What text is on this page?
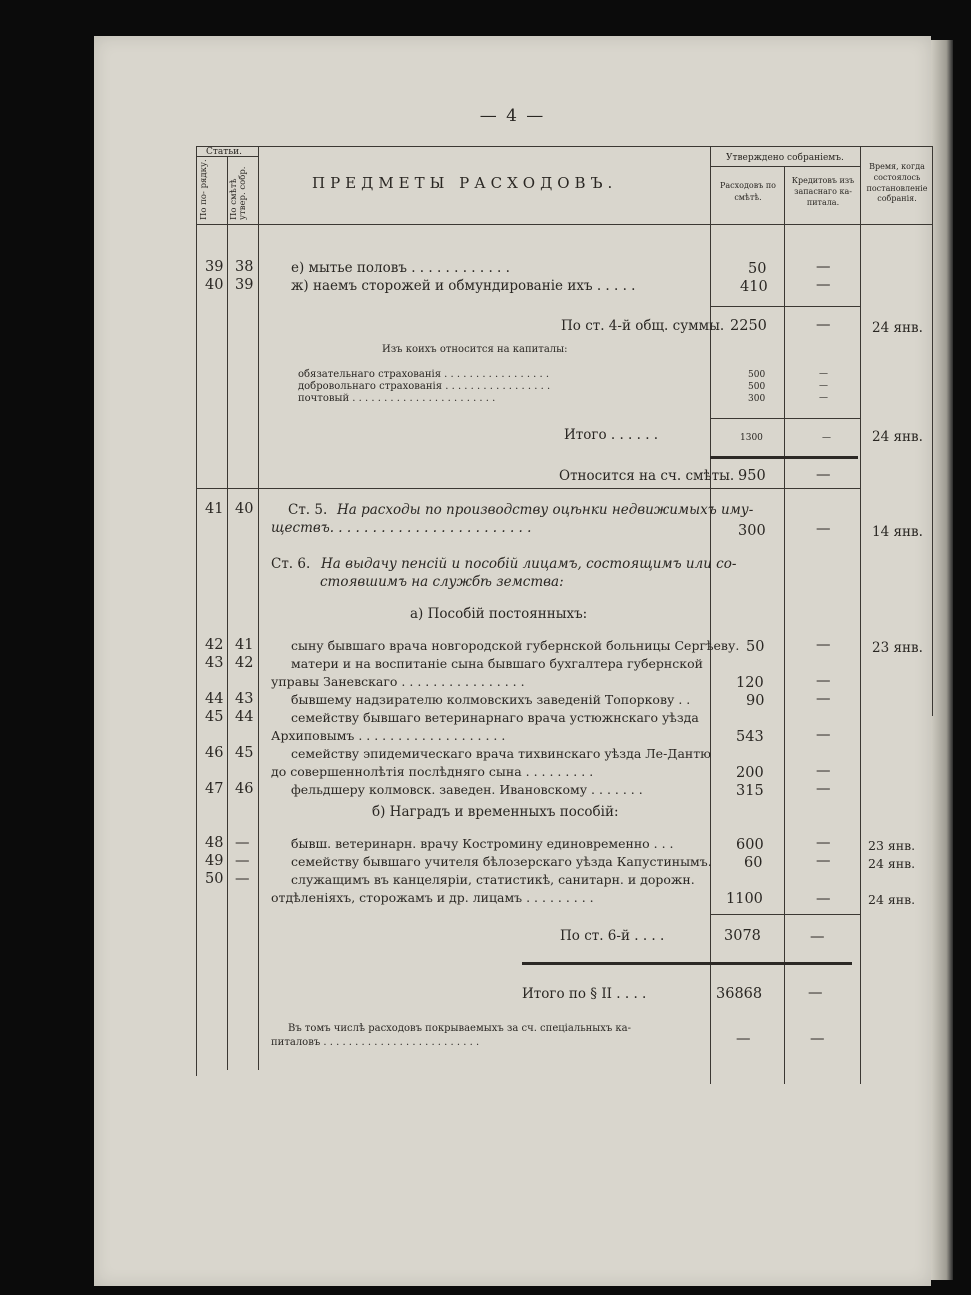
— 4 —
Статьи.
По по- рядку. По смѣтѣ утвер. собр.	ПРЕДМЕТЫ РАСХОДОВЪ.
Утверждено собраніемъ.
Расходовъ по смѣтѣ.
Кредитовъ изъ запаснаго ка- питала.
Время, когда состоялось постановленіе собранія.
39 38	е) мытье половъ . . . . . . . . . . . .	50	—
40 39	ж) наемъ сторожей и обмундированіе ихъ . . . . .	410	—
По ст. 4-й общ. суммы. 2250	—	24 янв.
Изъ коихъ относится на капиталы:
обязательнаго страхованія . . . . . . . . . . . . . . . . .	500	—
добровольнаго страхованія . . . . . . . . . . . . . . . . .	500	—
почтовый . . . . . . . . . . . . . . . . . . . . . . .	300	—
Итого . . . . . .	1300	—	24 янв.
Относится на сч. смѣты. 950	—
41 40	Ст. 5. На расходы по производству оцѣнки недвижимыхъ иму-
ществъ. . . . . . . . . . . . . . . . . . . . . . . .	300	—	14 янв.
Ст. 6. На выдачу пенсій и пособій лицамъ, состоящимъ или со-
стоявшимъ на службѣ земства:
а) Пособій постоянныхъ:
42 41	сыну бывшаго врача новгородской губернской больницы Сергѣеву. 50	—	23 янв.
43 42	матери и на воспитаніе сына бывшаго бухгалтера губернской
управы Заневскаго . . . . . . . . . . . . . . . .	120	—
44 43	бывшему надзирателю колмовскихъ заведеній Топоркову . .	90	—
45 44	семейству бывшаго ветеринарнаго врача устюжнскаго уѣзда
Архиповымъ . . . . . . . . . . . . . . . . . . .	543	—
46 45	семейству эпидемическаго врача тихвинскаго уѣзда Ле-Дантю
до совершеннолѣтія послѣдняго сына . . . . . . . . .	200	—
47 46	фельдшеру колмовск. заведен. Ивановскому . . . . . . .	315	—
б) Наградъ и временныхъ пособій:
48 —	бывш. ветеринарн. врачу Костромину единовременно . . .	600	—	23 янв.
49 —	семейству бывшаго учителя бѣлозерскаго уѣзда Капустинымъ. 60	—	24 янв.
50 —	служащимъ въ канцеляріи, статистикѣ, санитарн. и дорожн.
отдѣленіяхъ, сторожамъ и др. лицамъ . . . . . . . . .	1100	—	24 янв.
По ст. 6-й . . . .	3078	—
Итого по § II . . . .	36868	—
Въ томъ числѣ расходовъ покрываемыхъ за сч. спеціальныхъ ка-
питаловъ . . . . . . . . . . . . . . . . . . . . . . . . .	—	—
